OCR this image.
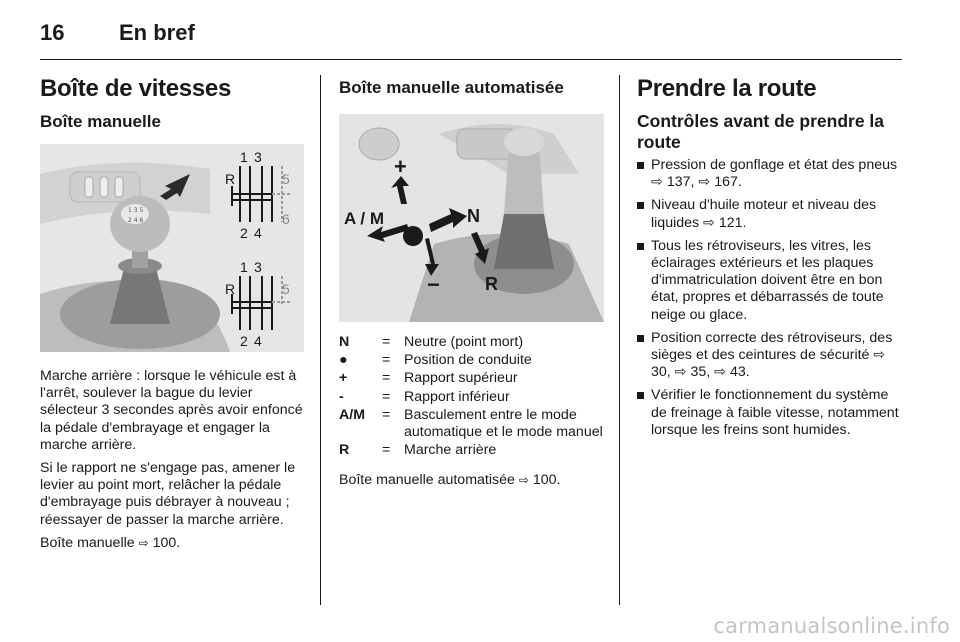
16 En bref
Boîte de vitesses
Boîte manuelle
1 3 5
2 4 6
R
1 3
5
2 4
6
R
1 3
5
2 4

Marche arrière : lorsque le véhicule est à l'arrêt, soulever la bague du levier sélecteur 3 secondes après avoir enfoncé la pédale d'embrayage et engager la marche arrière.

Si le rapport ne s'engage pas, amener le levier au point mort, relâcher la pédale d'embrayage puis débrayer à nouveau ; réessayer de passer la marche arrière.

Boîte manuelle ⇨ 100.

Boîte manuelle automatisée
A / M
+
−
N
R
N	=	Neutre (point mort)
●	=	Position de conduite
+	=	Rapport supérieur
-	=	Rapport inférieur
A/M	=	Basculement entre le mode automatique et le mode manuel
R	=	Marche arrière

Boîte manuelle automatisée ⇨ 100.

Prendre la route
Contrôles avant de prendre la route
Pression de gonflage et état des pneus ⇨ 137, ⇨ 167.
Niveau d'huile moteur et niveau des liquides ⇨ 121.
Tous les rétroviseurs, les vitres, les éclairages extérieurs et les plaques d'immatriculation doivent être en bon état, propres et débarrassés de toute neige ou glace.
Position correcte des rétroviseurs, des sièges et des ceintures de sécurité ⇨ 30, ⇨ 35, ⇨ 43.
Vérifier le fonctionnement du système de freinage à faible vitesse, notamment lorsque les freins sont humides.
carmanualsonline.info
